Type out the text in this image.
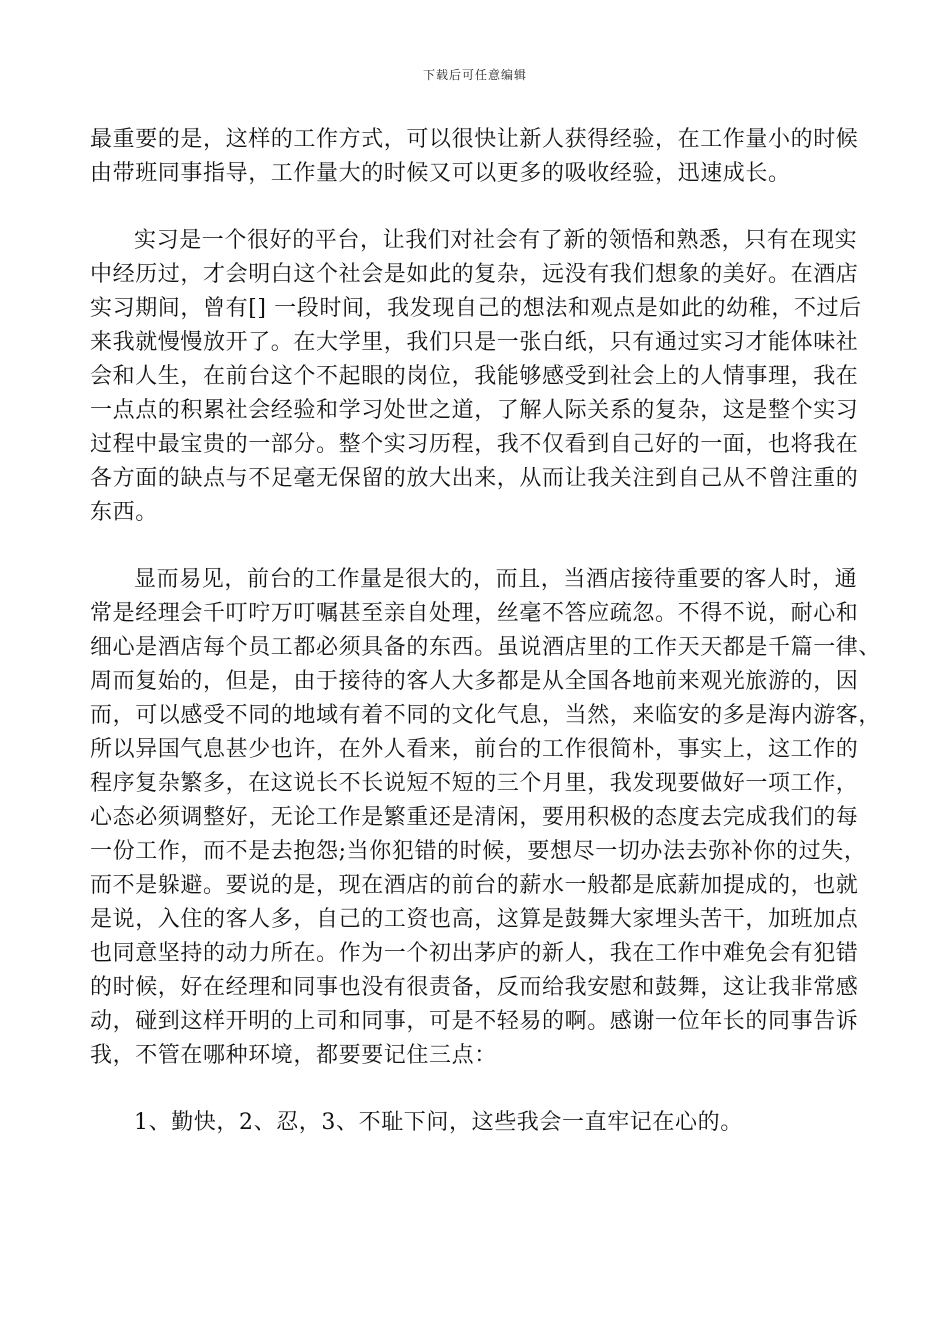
下载后可任意编辑

最重要的是，这样的工作方式，可以很快让新人获得经验，在工作量小的时候
由带班同事指导，工作量大的时候又可以更多的吸收经验，迅速成长。

实习是一个很好的平台，让我们对社会有了新的领悟和熟悉，只有在现实
中经历过，才会明白这个社会是如此的复杂，远没有我们想象的美好。在酒店
实习期间，曾有[] 一段时间，我发现自己的想法和观点是如此的幼稚，不过后
来我就慢慢放开了。在大学里，我们只是一张白纸，只有通过实习才能体味社
会和人生，在前台这个不起眼的岗位，我能够感受到社会上的人情事理，我在
一点点的积累社会经验和学习处世之道，了解人际关系的复杂，这是整个实习
过程中最宝贵的一部分。整个实习历程，我不仅看到自己好的一面，也将我在
各方面的缺点与不足毫无保留的放大出来，从而让我关注到自己从不曾注重的
东西。

显而易见，前台的工作量是很大的，而且，当酒店接待重要的客人时，通
常是经理会千叮咛万叮嘱甚至亲自处理，丝毫不答应疏忽。不得不说，耐心和
细心是酒店每个员工都必须具备的东西。虽说酒店里的工作天天都是千篇一律、
周而复始的，但是，由于接待的客人大多都是从全国各地前来观光旅游的，因
而，可以感受不同的地域有着不同的文化气息，当然，来临安的多是海内游客，
所以异国气息甚少也许，在外人看来，前台的工作很简朴，事实上，这工作的
程序复杂繁多，在这说长不长说短不短的三个月里，我发现要做好一项工作，
心态必须调整好，无论工作是繁重还是清闲，要用积极的态度去完成我们的每
一份工作，而不是去抱怨;当你犯错的时候，要想尽一切办法去弥补你的过失，
而不是躲避。要说的是，现在酒店的前台的薪水一般都是底薪加提成的，也就
是说，入住的客人多，自己的工资也高，这算是鼓舞大家埋头苦干，加班加点
也同意坚持的动力所在。作为一个初出茅庐的新人，我在工作中难免会有犯错
的时候，好在经理和同事也没有很责备，反而给我安慰和鼓舞，这让我非常感
动，碰到这样开明的上司和同事，可是不轻易的啊。感谢一位年长的同事告诉
我，不管在哪种环境，都要要记住三点：

1、勤快，2、忍，3、不耻下问，这些我会一直牢记在心的。
